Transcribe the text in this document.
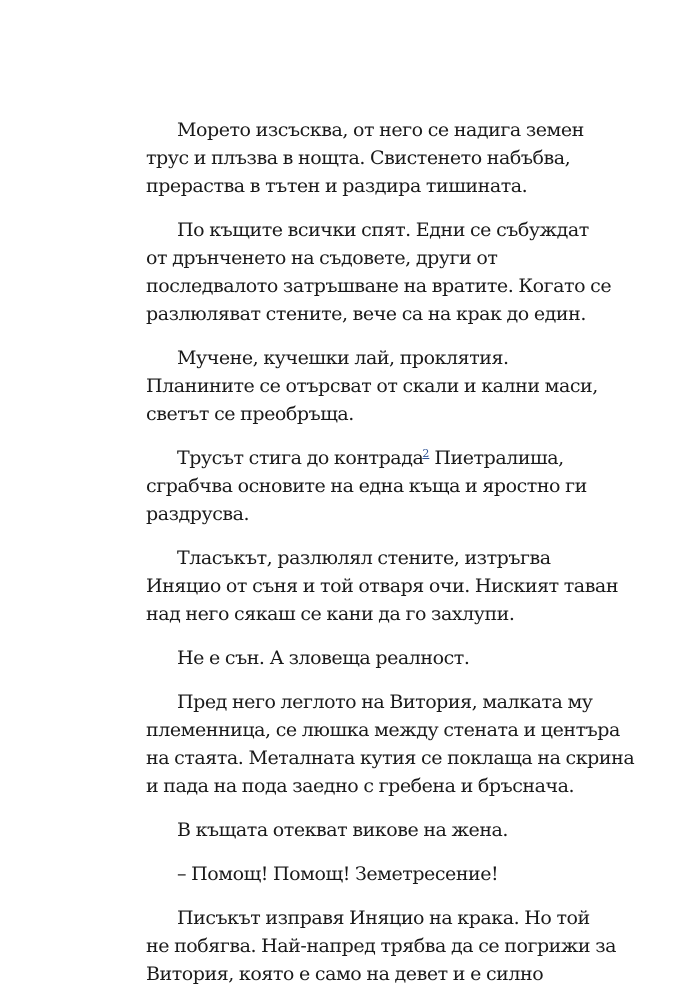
Морето изсъсква, от него се надига земен
трус и плъзва в нощта. Свистенето набъбва,
прераства в тътен и раздира тишината.

По къщите всички спят. Едни се събуждат
от дрънченето на съдовете, други от
последвалото затръшване на вратите. Когато се
разлюляват стените, вече са на крак до един.

Мучене, кучешки лай, проклятия.
Планините се отърсват от скали и кални маси,
светът се преобръща.

Трусът стига до контрада$^2$ Пиетралиша,
сграбчва основите на една къща и яростно ги
раздрусва.

Тласъкът, разлюлял стените, изтръгва
Иняцио от съня и той отваря очи. Ниският таван
над него сякаш се кани да го захлупи.

Не е сън. А зловеща реалност.

Пред него леглото на Витория, малката му
племенница, се люшка между стената и центъра
на стаята. Металната кутия се поклаща на скрина
и пада на пода заедно с гребена и бръснача.

В къщата отекват викове на жена.

– Помощ! Помощ! Земетресение!

Писъкът изправя Иняцио на крака. Но той
не побягва. Най-напред трябва да се погрижи за
Витория, която е само на девет и е силно
